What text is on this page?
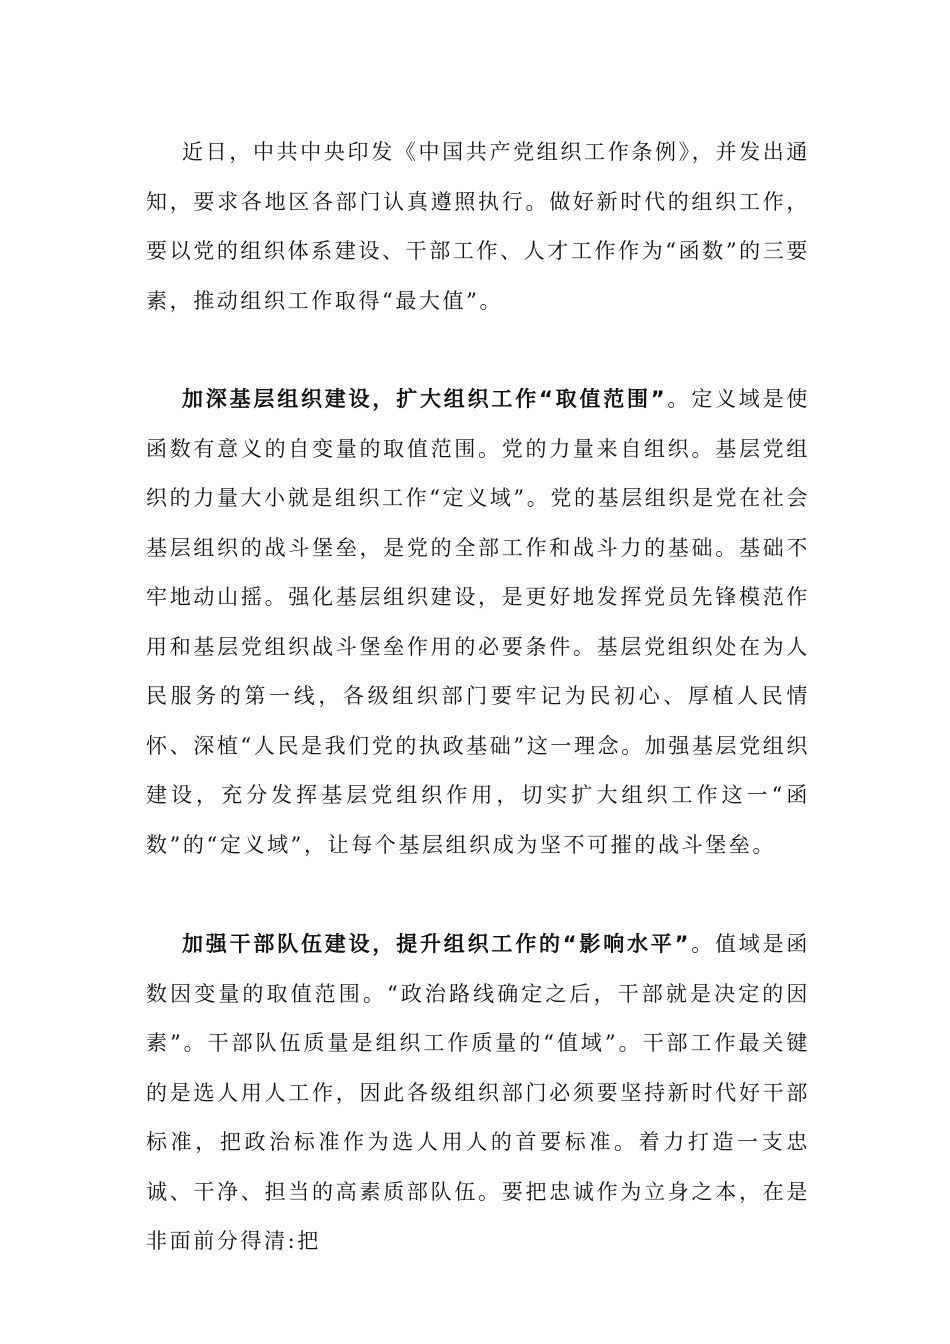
近日，中共中央印发《中国共产党组织工作条例》，并发出通知，要求各地区各部门认真遵照执行。做好新时代的组织工作，要以党的组织体系建设、干部工作、人才工作作为“函数”的三要素，推动组织工作取得“最大值”。

加深基层组织建设，扩大组织工作“取值范围”。定义域是使函数有意义的自变量的取值范围。党的力量来自组织。基层党组织的力量大小就是组织工作“定义域”。党的基层组织是党在社会基层组织的战斗堡垒，是党的全部工作和战斗力的基础。基础不牢地动山摇。强化基层组织建设，是更好地发挥党员先锋模范作用和基层党组织战斗堡垒作用的必要条件。基层党组织处在为人民服务的第一线，各级组织部门要牢记为民初心、厚植人民情怀、深植“人民是我们党的执政基础”这一理念。加强基层党组织建设，充分发挥基层党组织作用，切实扩大组织工作这一“函数”的“定义域”，让每个基层组织成为坚不可摧的战斗堡垒。

加强干部队伍建设，提升组织工作的“影响水平”。值域是函数因变量的取值范围。“政治路线确定之后，干部就是决定的因素”。干部队伍质量是组织工作质量的“值域”。干部工作最关键的是选人用人工作，因此各级组织部门必须要坚持新时代好干部标准，把政治标准作为选人用人的首要标准。着力打造一支忠诚、干净、担当的高素质部队伍。要把忠诚作为立身之本，在是非面前分得清:把
